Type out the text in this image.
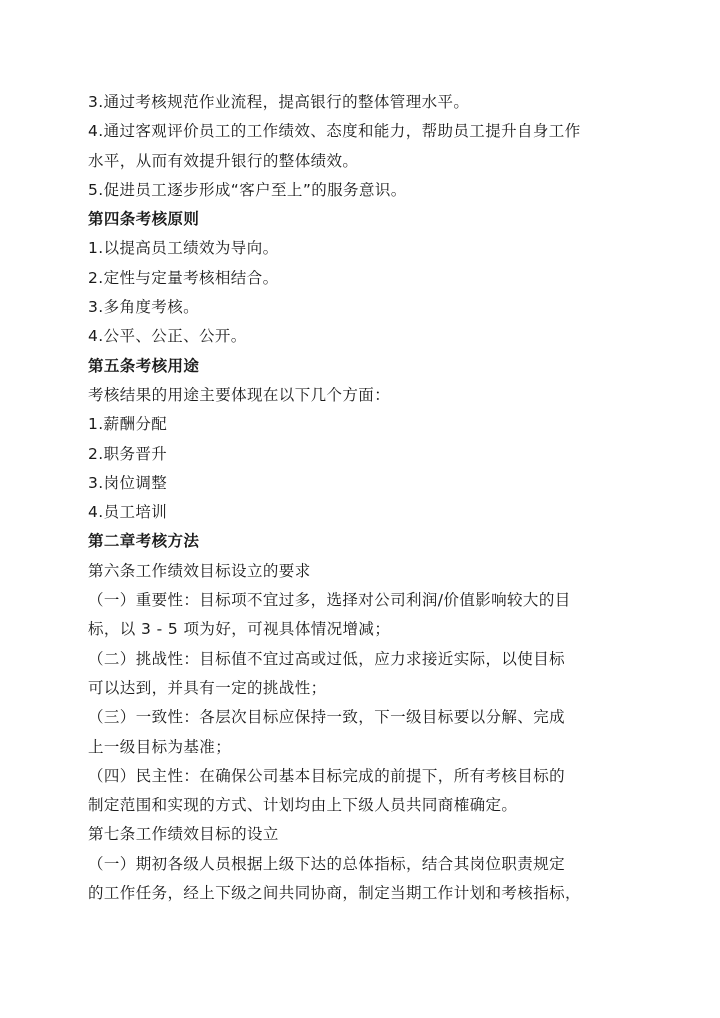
3.通过考核规范作业流程，提高银行的整体管理水平。
4.通过客观评价员工的工作绩效、态度和能力，帮助员工提升自身工作
水平，从而有效提升银行的整体绩效。
5.促进员工逐步形成“客户至上”的服务意识。
第四条考核原则
1.以提高员工绩效为导向。
2.定性与定量考核相结合。
3.多角度考核。
4.公平、公正、公开。
第五条考核用途
考核结果的用途主要体现在以下几个方面：
1.薪酬分配
2.职务晋升
3.岗位调整
4.员工培训
第二章考核方法
第六条工作绩效目标设立的要求
（一）重要性：目标项不宜过多，选择对公司利润/价值影响较大的目
标，以 3 - 5 项为好，可视具体情况增减；
（二）挑战性：目标值不宜过高或过低，应力求接近实际，以使目标
可以达到，并具有一定的挑战性；
（三）一致性：各层次目标应保持一致，下一级目标要以分解、完成
上一级目标为基准；
（四）民主性：在确保公司基本目标完成的前提下，所有考核目标的
制定范围和实现的方式、计划均由上下级人员共同商榷确定。
第七条工作绩效目标的设立
（一）期初各级人员根据上级下达的总体指标，结合其岗位职责规定
的工作任务，经上下级之间共同协商，制定当期工作计划和考核指标，
